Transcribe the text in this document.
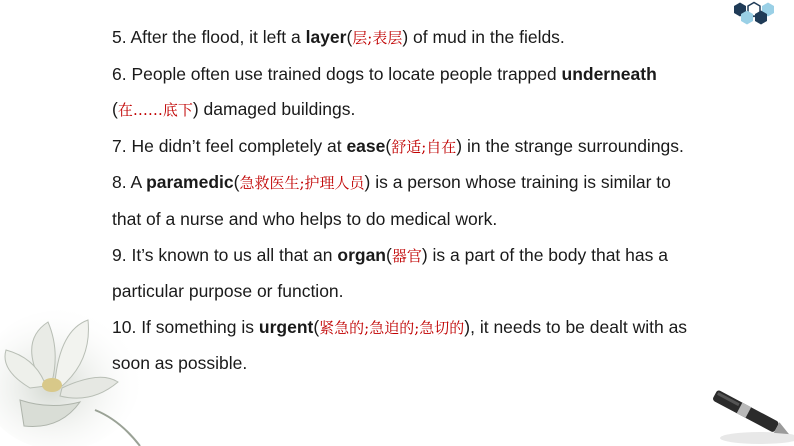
5. After the flood, it left a layer(层;表层) of mud in the fields.
6. People often use trained dogs to locate people trapped underneath
(在……底下) damaged buildings.
7. He didn’t feel completely at ease(舒适;自在) in the strange surroundings.
8. A paramedic(急救医生;护理人员) is a person whose training is similar to
that of a nurse and who helps to do medical work.
9. It’s known to us all that an organ(器官) is a part of the body that has a
particular purpose or function.
10. If something is urgent(紧急的;急迫的;急切的), it needs to be dealt with as
soon as possible.
